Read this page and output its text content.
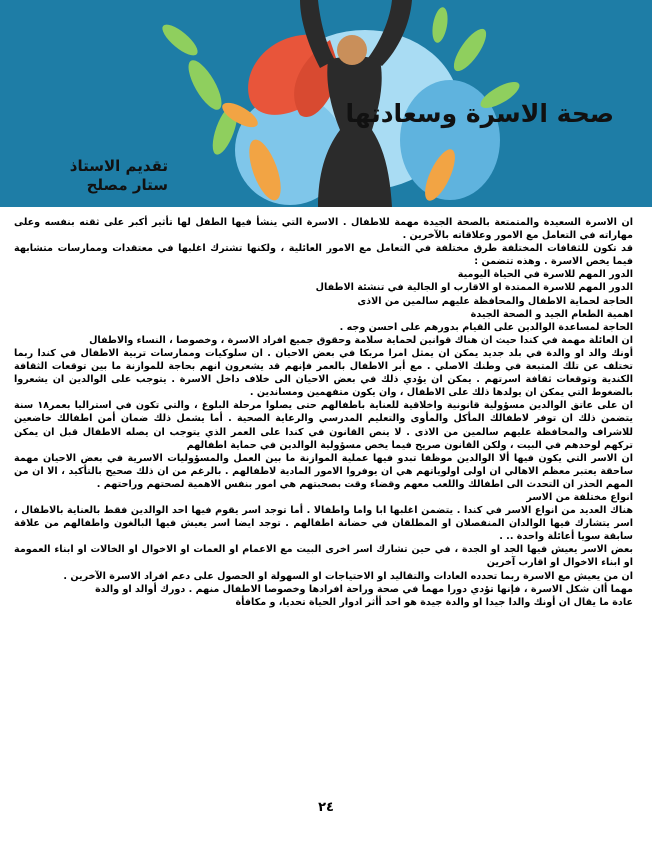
صحة الاسرة وسعادتها
تقديم الاستاذ
ستار مصلح

ان الاسرة السعيدة والمتمتعة بالصحة الجيدة مهمة للاطفال . الاسرة التي ينشأ فيها الطفل لها تأثير أكبر على ثقته بنفسه وعلى مهاراته في التعامل مع الامور وعلاقاته بالآخرين .

قد تكون للثقافات المختلفة طرق مختلفة في التعامل مع الامور العائلية ، ولكنها تشترك اغلبها في معتقدات وممارسات متشابهة فيما يخص الاسرة . وهذه تتضمن :

الدور المهم للاسرة في الحياة اليومية

الدور المهم للاسرة الممتدة او الاقارب او الجالية في تنشئة الاطفال

الحاجة لحماية الاطفال والمحافظة عليهم سالمين من الاذى

اهمية الطعام الجيد و الصحة الجيدة

الحاجة لمساعدة الوالدين على القيام بدورهم على احسن وجه .

ان العائلة مهمة في كندا حيث ان هناك قوانين لحماية سلامة وحقوق جميع افراد الاسرة ، وخصوصا ، النساء والاطفال

أونك والد او والدة في بلد جديد يمكن ان يمثل امرا مربكا في بعض الاحيان . ان سلوكيات وممارسات تربية الاطفال في كندا ربما تختلف عن تلك المتبعة في وطنك الاصلي . مع أبر الاطفال بالعمر فإنهم قد يشعرون انهم بحاجة للموازنة ما بين توقعات الثقافة الكندية وتوقعات ثقافة اسرتهم . يمكن ان يؤدي ذلك في بعض الاحيان الى خلاف داخل الاسرة . يتوجب على الوالدين ان يشعروا بالضغوط التي يمكن ان يولدها ذلك على الاطفال ، وان يكون متفهمين ومساندين .

ان على عاتق الوالدين مسؤولية قانونية واخلاقية للعناية باطفالهم حتى يصلوا مرحلة البلوغ ، والتي تكون في استراليا بعمر١٨ سنة يتضمن ذلك ان توفر لاطفالك المأكل والمأوى والتعليم المدرسي والرعاية الصحية . أما يشمل ذلك ضمان أمن اطفالك خاضعين للاشراف والمحافظة عليهم سالمين من الاذى . لا ينص القانون في كندا على العمر الذي يتوجب ان يصله الاطفال قبل ان يمكن تركهم لوحدهم في البيت ، ولكن القانون صريح فيما يخص مسؤولية الوالدين في حماية اطفالهم

ان الاسر التي يكون فيها ألا الوالدين موظفا تبدو فيها عملية الموازنة ما بين العمل والمسؤوليات الاسرية في بعض الاحيان مهمة ساحقة يعتبر معظم الاهالي ان اولى اولوياتهم هي ان يوفروا الامور المادية لاطفالهم . بالرغم من ان ذلك صحيح بالتأكيد ، الا ان من المهم الحذر ان التحدث الى اطفالك واللعب معهم وقضاء وقت بصحبتهم هي امور بنفس الاهمية لصحتهم وراحتهم .

انواع مختلفة من الاسر

هناك العديد من انواع الاسر في كندا . يتضمن اغلبها ابا واما واطفالا . أما توجد اسر يقوم فيها احد الوالدين فقط بالعناية بالاطفال ، اسر يتشارك فيها الوالدان المنفصلان او المطلقان في حضانة اطفالهم . توجد ايضا اسر يعيش فيها البالغون واطفالهم من علاقة سابقة سويا أعائلة واحدة .. .

بعض الاسر يعيش فيها الجد او الجدة ، في حين تشارك اسر اخرى البيت مع الاعمام او العمات او الاخوال او الخالات او ابناء العمومة او ابناء الاخوال او اقارب آخرين

ان من يعيش مع الاسرة ربما تحدده العادات والتقاليد او الاحتياجات او السهولة او الحصول على دعم افراد الاسرة الآخرين .

مهما أان شكل الاسرة ، فإنها تؤدي دورا مهما في صحة وراحة افرادها وخصوصا الاطفال منهم . دورك أوالد او والدة

عادة ما يقال ان أونك والدا جيدا او والدة جيدة هو احد أأثر ادوار الحياة تحديا، و مكافأة

٢٤
